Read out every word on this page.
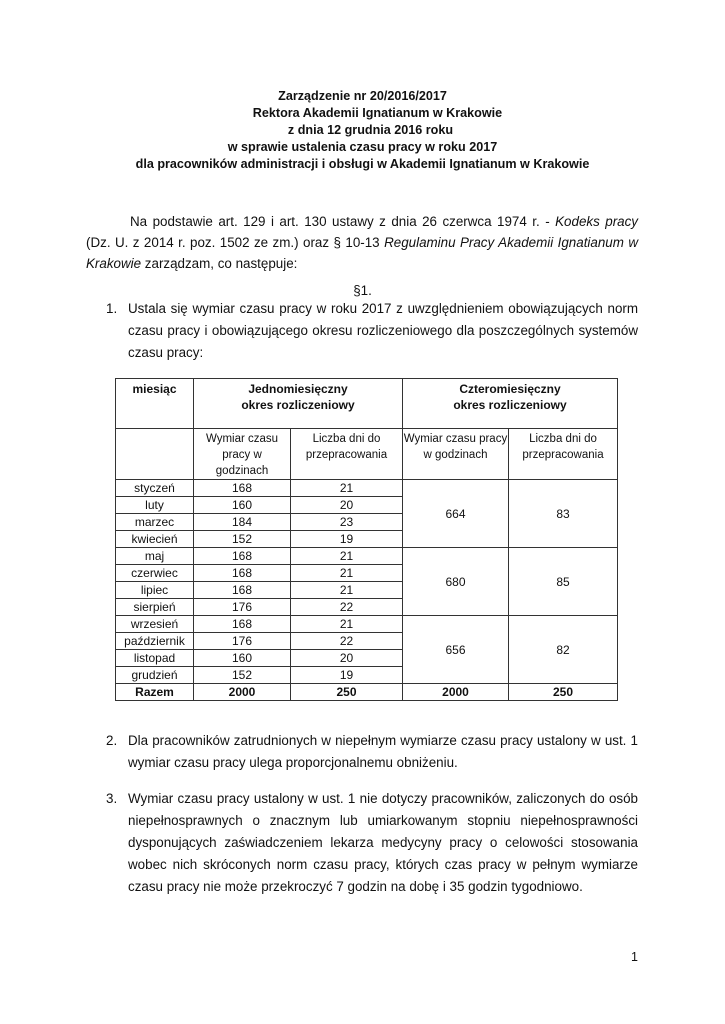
Zarządzenie nr 20/2016/2017
Rektora Akademii Ignatianum w Krakowie
z dnia 12 grudnia 2016 roku
w sprawie ustalenia czasu pracy w roku 2017
dla pracowników administracji i obsługi w Akademii Ignatianum w Krakowie
Na podstawie art. 129 i art. 130 ustawy z dnia 26 czerwca 1974 r. - Kodeks pracy (Dz. U. z 2014 r. poz. 1502 ze zm.) oraz § 10-13 Regulaminu Pracy Akademii Ignatianum w Krakowie zarządzam, co następuje:
§1.
1. Ustala się wymiar czasu pracy w roku 2017 z uwzględnieniem obowiązujących norm czasu pracy i obowiązującego okresu rozliczeniowego dla poszczególnych systemów czasu pracy:
miesiąc	Jednomiesięczny okres rozliczeniowy		Czteromiesięczny okres rozliczeniowy	

	Wymiar czasu pracy w godzinach	Liczba dni do przepracowania	Wymiar czasu pracy w godzinach	Liczba dni do przepracowania

styczeń	168	21	664	83
luty	160	20		
marzec	184	23		
kwiecień	152	19		
maj	168	21	680	85
czerwiec	168	21		
lipiec	168	21		
sierpień	176	22		
wrzesień	168	21	656	82
październik	176	22		
listopad	160	20		
grudzień	152	19		
Razem	2000	250	2000	250
2. Dla pracowników zatrudnionych w niepełnym wymiarze czasu pracy ustalony w ust. 1 wymiar czasu pracy ulega proporcjonalnemu obniżeniu.
3. Wymiar czasu pracy ustalony w ust. 1 nie dotyczy pracowników, zaliczonych do osób niepełnosprawnych o znacznym lub umiarkowanym stopniu niepełnosprawności dysponujących zaświadczeniem lekarza medycyny pracy o celowości stosowania wobec nich skróconych norm czasu pracy, których czas pracy w pełnym wymiarze czasu pracy nie może przekroczyć 7 godzin na dobę i 35 godzin tygodniowo.
1
